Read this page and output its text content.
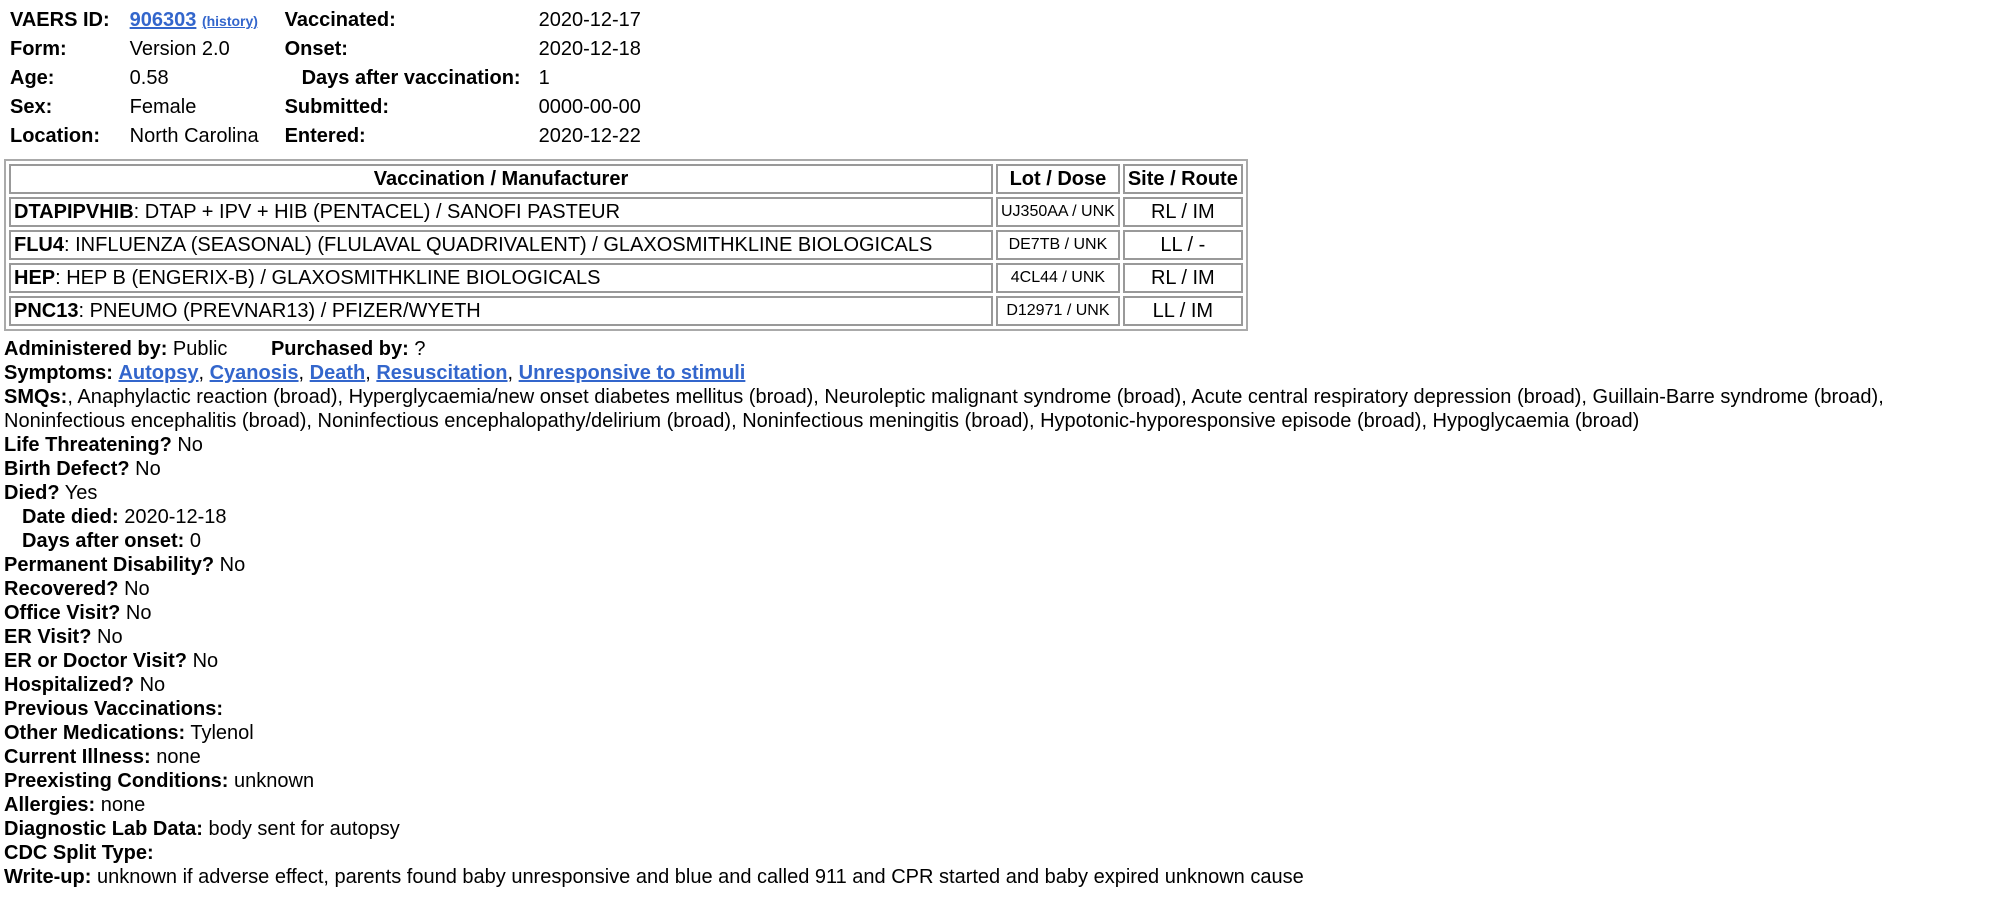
VAERS ID:	906303 (history)	Vaccinated:	2020-12-17
Form:	Version 2.0	Onset:	2020-12-18
Age:	0.58	Days after vaccination:	1
Sex:	Female	Submitted:	0000-00-00
Location:	North Carolina	Entered:	2020-12-22
Vaccination / Manufacturer	Lot / Dose	Site / Route
DTAPIPVHIB: DTAP + IPV + HIB (PENTACEL) / SANOFI PASTEUR	UJ350AA / UNK	RL / IM
FLU4: INFLUENZA (SEASONAL) (FLULAVAL QUADRIVALENT) / GLAXOSMITHKLINE BIOLOGICALS	DE7TB / UNK	LL / -
HEP: HEP B (ENGERIX-B) / GLAXOSMITHKLINE BIOLOGICALS	4CL44 / UNK	RL / IM
PNC13: PNEUMO (PREVNAR13) / PFIZER/WYETH	D12971 / UNK	LL / IM
Administered by: Public Purchased by: ?
Symptoms: Autopsy, Cyanosis, Death, Resuscitation, Unresponsive to stimuli
SMQs:, Anaphylactic reaction (broad), Hyperglycaemia/new onset diabetes mellitus (broad), Neuroleptic malignant syndrome (broad), Acute central respiratory depression (broad), Guillain-Barre syndrome (broad), Noninfectious encephalitis (broad), Noninfectious encephalopathy/delirium (broad), Noninfectious meningitis (broad), Hypotonic-hyporesponsive episode (broad), Hypoglycaemia (broad)
Life Threatening? No
Birth Defect? No
Died? Yes
Date died: 2020-12-18
Days after onset: 0
Permanent Disability? No
Recovered? No
Office Visit? No
ER Visit? No
ER or Doctor Visit? No
Hospitalized? No
Previous Vaccinations:
Other Medications: Tylenol
Current Illness: none
Preexisting Conditions: unknown
Allergies: none
Diagnostic Lab Data: body sent for autopsy
CDC Split Type:
Write-up: unknown if adverse effect, parents found baby unresponsive and blue and called 911 and CPR started and baby expired unknown cause
